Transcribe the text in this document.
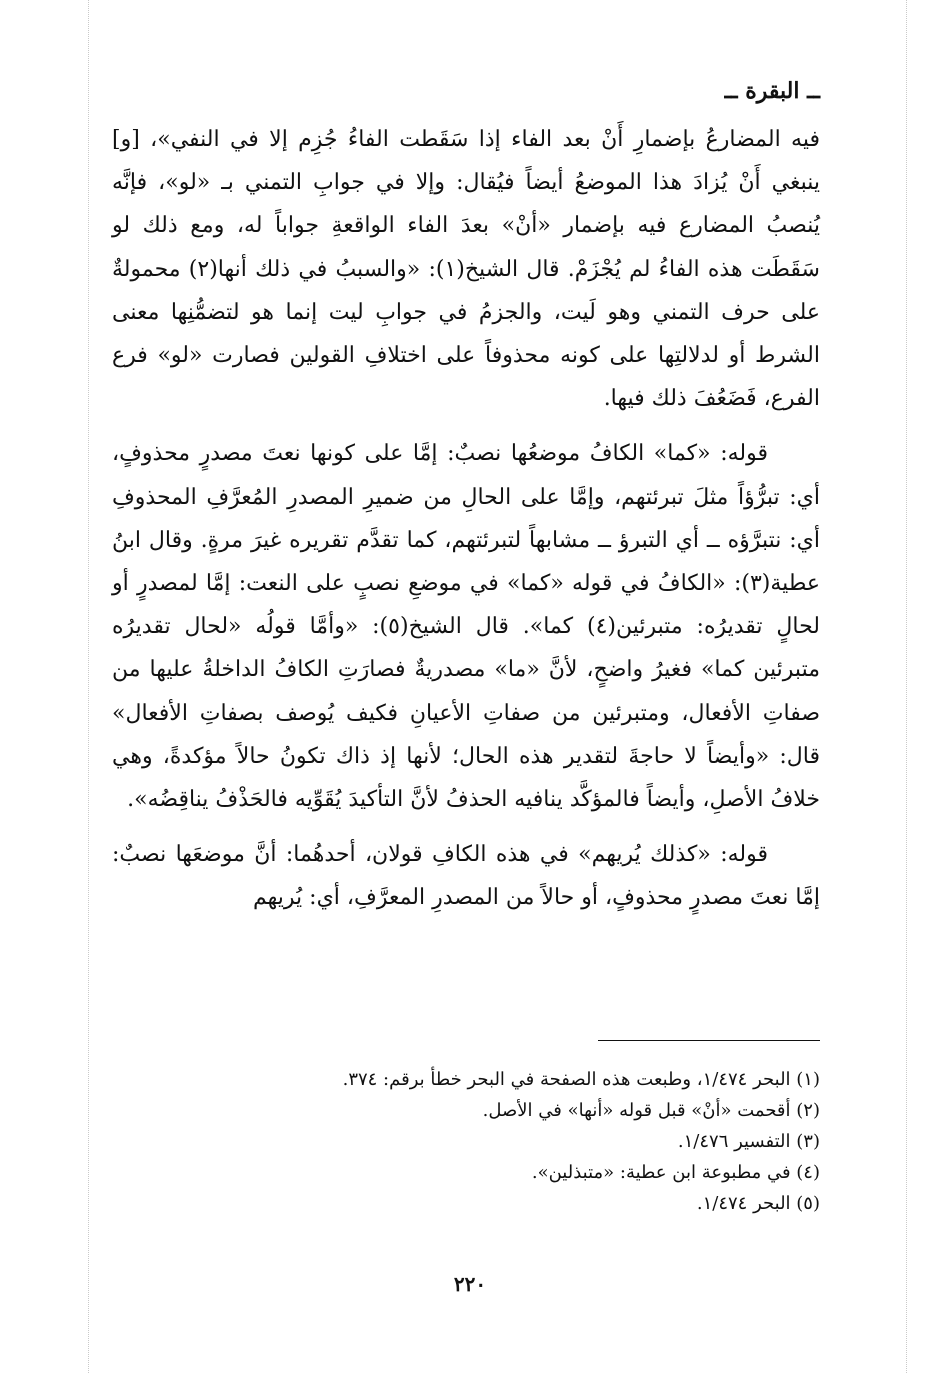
ــ البقرة ــ

فيه المضارعُ بإضمارِ أَنْ بعد الفاء إذا سَقَطت الفاءُ جُزِم إلا في النفي»، [و] ينبغي أَنْ يُزادَ هذا الموضعُ أيضاً فيُقال: وإلا في جوابِ التمني بـ «لو»، فإنَّه يُنصبُ المضارع فيه بإضمار «أنْ» بعدَ الفاء الواقعةِ جواباً له، ومع ذلك لو سَقَطَت هذه الفاءُ لم يُجْزَمْ. قال الشيخ(١): «والسببُ في ذلك أنها(٢) محمولةٌ على حرف التمني وهو لَيت، والجزمُ في جوابِ ليت إنما هو لتضمُّنِها معنى الشرط أو لدلالتِها على كونه محذوفاً على اختلافِ القولين فصارت «لو» فرع الفرع، فَضَعُفَ ذلك فيها.

قوله: «كما» الكافُ موضعُها نصبٌ: إمَّا على كونها نعتَ مصدرٍ محذوفٍ، أي: تبرُّؤاً مثلَ تبرئتهم، وإمَّا على الحالِ من ضميرِ المصدرِ المُعرَّفِ المحذوفِ أي: نتبرَّؤه ــ أي التبرؤ ــ مشابهاً لتبرئتهم، كما تقدَّم تقريره غيرَ مرةٍ. وقال ابنُ عطية(٣): «الكافُ في قوله «كما» في موضعِ نصبٍ على النعت: إمَّا لمصدرٍ أو لحالٍ تقديرُه: متبرئين(٤) كما». قال الشيخ(٥): «وأمَّا قولُه «لحال تقديرُه متبرئين كما» فغيرُ واضحٍ، لأنَّ «ما» مصدريةٌ فصارَتِ الكافُ الداخلةُ عليها من صفاتِ الأفعال، ومتبرئين من صفاتِ الأعيانِ فكيف يُوصف بصفاتِ الأفعال» قال: «وأيضاً لا حاجةَ لتقدير هذه الحال؛ لأنها إذ ذاك تكونُ حالاً مؤكدةً، وهي خلافُ الأصلِ، وأيضاً فالمؤكَّد ينافيه الحذفُ لأنَّ التأكيدَ يُقَوِّيه فالحَذْفُ يناقِضُه».

قوله: «كذلك يُريهم» في هذه الكافِ قولان، أحدهُما: أنَّ موضعَها نصبٌ: إمَّا نعتَ مصدرٍ محذوفٍ، أو حالاً من المصدرِ المعرَّفِ، أي: يُريهم

(١) البحر ١/٤٧٤، وطبعت هذه الصفحة في البحر خطأ برقم: ٣٧٤.

(٢) أقحمت «أنْ» قبل قوله «أنها» في الأصل.

(٣) التفسير ١/٤٧٦.

(٤) في مطبوعة ابن عطية: «متبذلين».

(٥) البحر ١/٤٧٤.

٢٢٠
